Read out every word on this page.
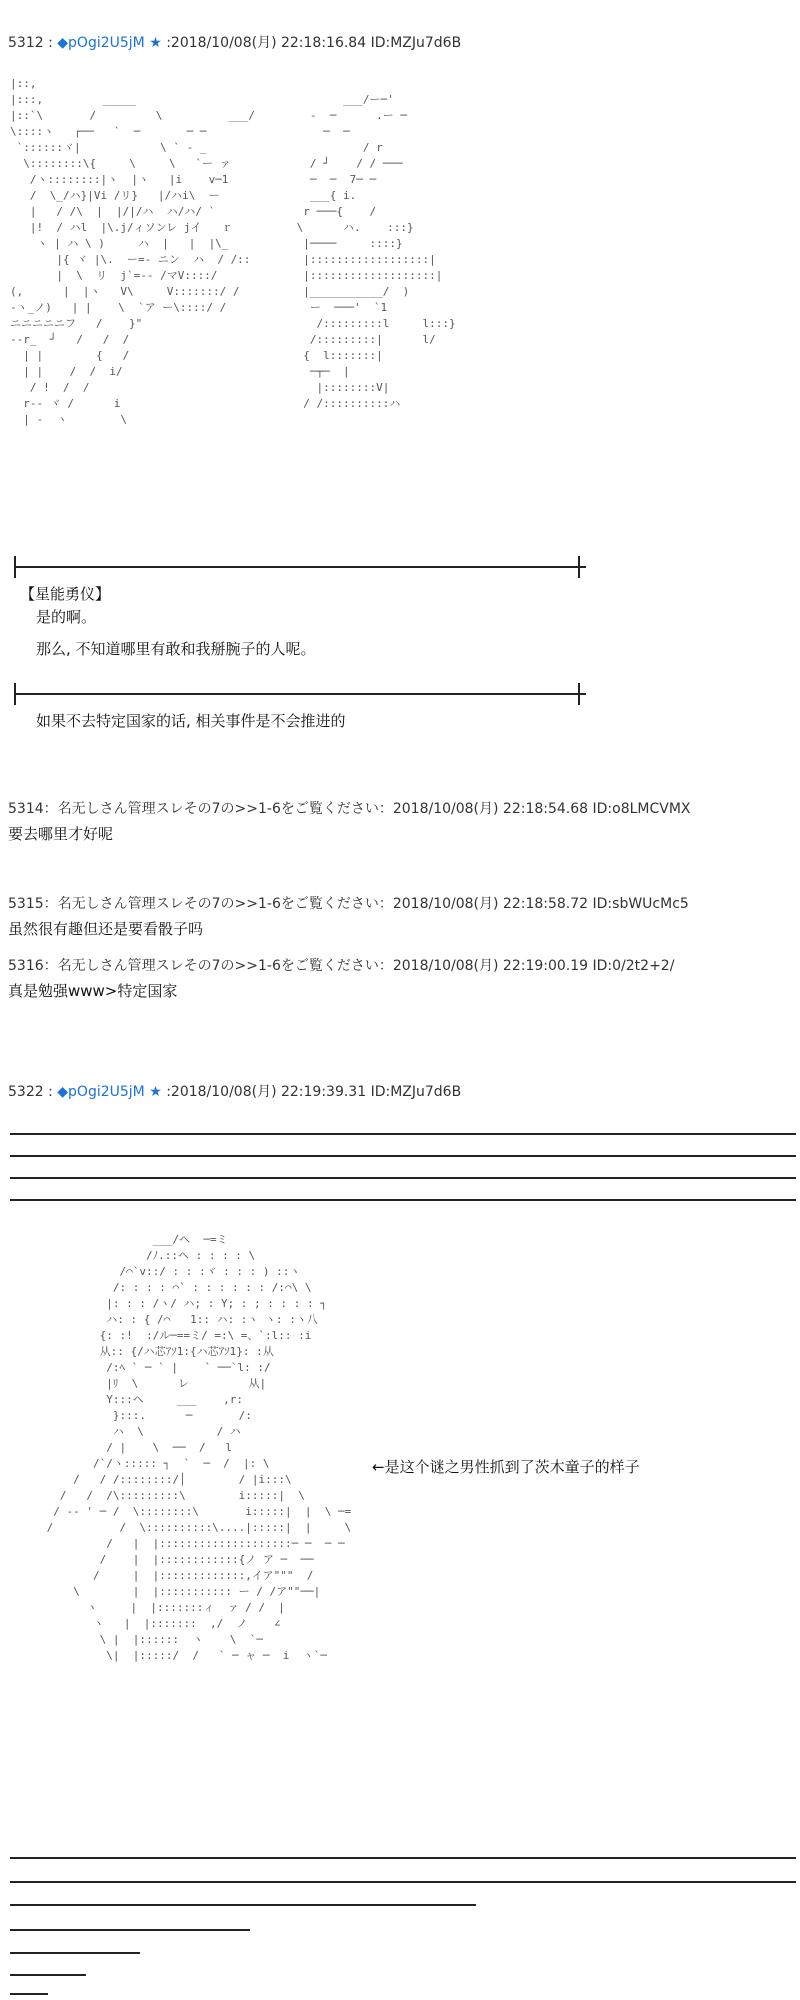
5312 : ◆pOgi2U5jM ★ :2018/10/08(月) 22:18:16.84 ID:MZJu7d6B
|::,
|:::,         _____
|::`\       /         \          ___/
\::::ヽ   ┌──   `  ─       ─ ─
`::::::ヾ|            \ ` - _
\::::::::\{     \     \   `ー ァ
/ヽ::::::::|ヽ  |ヽ   |i    v─1
/  \_/ハ}|Vi /リ}   |/ハi\  ー
|   / /\  |  |/|/ハ  ハ/ハ/ `
|!  / ハl  |\.j/ィソンレ jイ   ｒ
ヽ | ハ \ )     ハ  |   |  |\_
|{ ヾ |\.  ー=- ニン  ハ  / /::
|  \  リ  j`=-- /マV::::/
(,      |  |ヽ   V\     V:::::::/ /
-ヽ_ノ)   | |    \  `ア ー\::::/ /
ニニニニニフ   /    }"
--r_  ┘   /   /  /
| |        {   /
| |    /  /  i/
/ !  /  /
r-- ヾ /      i
| -  ヽ        \
___/ー─'
-  ─      .ー ─
─  ─
/ r
/ ┘    / / ───
─  ─  7─ ─
___{ i.
r ───{    /
\      ハ.    :::}
|────     ::::}
|::::::::::::::::::|
|:::::::::::::::::::|
|___________/  )
ー  ───'  `1
/:::::::::l     l:::}
/:::::::::|      l/
{  l:::::::|
─┬─  |
|::::::::V|
/ /::::::::::ハ
【星能勇仪】
是的啊。
那么, 不知道哪里有敢和我掰腕子的人呢。
如果不去特定国家的话, 相关事件是不会推进的
5314：名无しさん管理スレその7の>>1-6をご覧ください：2018/10/08(月) 22:18:54.68 ID:o8LMCVMX
要去哪里才好呢
5315：名无しさん管理スレその7の>>1-6をご覧ください：2018/10/08(月) 22:18:58.72 ID:sbWUcMc5
虽然很有趣但还是要看骰子吗
5316：名无しさん管理スレその7の>>1-6をご覧ください：2018/10/08(月) 22:19:00.19 ID:0/2t2+2/
真是勉强www>特定国家
5322 : ◆pOgi2U5jM ★ :2018/10/08(月) 22:19:39.31 ID:MZJu7d6B
___/ヘ  ─=ミ
/ﾉ.::ヘ : : : : \
/⌒`v::/ : : :ヾ : : : ) ::ヽ
/: : : : ⌒` : : : : : : /:⌒\ \
|: : : /ヽ/ ハ; : Y; : ; : : : : ┐
ハ: : { /⌒   1:: ハ: :ヽ ヽ: :ヽ八
{: :!  :/ル─==ミ/ =:\ =、`:l:: :i
从:: {/ハ芯ｱｿ1:{ハ芯ｱｿ1}: :从
/:ﾍ ` ─ ` |    ` ──`l: :/
|ﾘ  \      レ         从|
Y:::ヘ     ___    ,r:
}:::.      ─       /:
ハ  \           / ハ
/ |    \  ──  /   l
/`/ヽ::::: ┐  `  ─  /  |: \
/   / /::::::::/│        / |i:::\
/   /  /\:::::::::\        i:::::|  \
/ -- ' ─ /  \::::::::\       i:::::|  |  \ ─=
/          /  \::::::::::\....|:::::|  |     \
/   |  |::::::::::::::::::::─ ─  ─ ─
/    |  |::::::::::::{ノ ア ─  ──
/     |  |:::::::::::::,イア"""  /
\        |  |::::::::::: ー / /ア""──|
ヽ     |  |:::::::ィ  ァ / /  |
ヽ   |  |:::::::  ,/  ノ    ∠
\ |  |::::::  ヽ    \  `─
\|  |:::::/  /   ` ─ ャ ─  i  ヽ`─
←是这个谜之男性抓到了茨木童子的样子
